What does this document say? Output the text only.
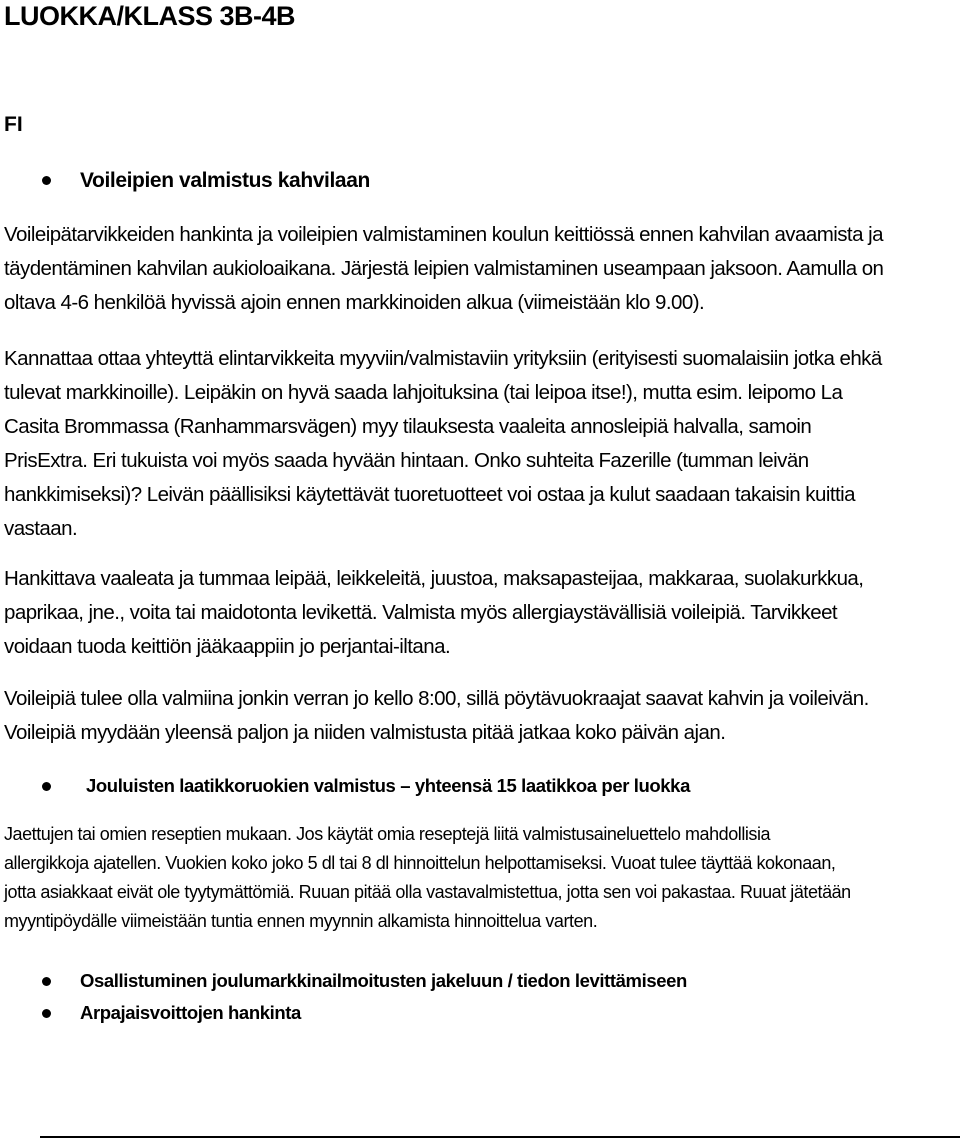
LUOKKA/KLASS 3B-4B
FI
Voileipien valmistus kahvilaan
Voileipätarvikkeiden hankinta ja voileipien valmistaminen koulun keittiössä ennen kahvilan avaamista ja
täydentäminen kahvilan aukioloaikana. Järjestä leipien valmistaminen useampaan jaksoon. Aamulla on
oltava 4-6 henkilöä hyvissä ajoin ennen markkinoiden alkua (viimeistään klo 9.00).
Kannattaa ottaa yhteyttä elintarvikkeita myyviin/valmistaviin yrityksiin (erityisesti suomalaisiin jotka ehkä
tulevat markkinoille). Leipäkin on hyvä saada lahjoituksina (tai leipoa itse!), mutta esim. leipomo La
Casita Brommassa (Ranhammarsvägen) myy tilauksesta vaaleita annosleipiä halvalla, samoin
PrisExtra. Eri tukuista voi myös saada hyvään hintaan. Onko suhteita Fazerille (tumman leivän
hankkimiseksi)? Leivän päällisiksi käytettävät tuoretuotteet voi ostaa ja kulut saadaan takaisin kuittia
vastaan.
Hankittava vaaleata ja tummaa leipää, leikkeleitä, juustoa, maksapasteijaa, makkaraa, suolakurkkua,
paprikaa, jne., voita tai maidotonta levikettä. Valmista myös allergiaystävällisiä voileipiä. Tarvikkeet
voidaan tuoda keittiön jääkaappiin jo perjantai-iltana.
Voileipiä tulee olla valmiina jonkin verran jo kello 8:00, sillä pöytävuokraajat saavat kahvin ja voileivän.
Voileipiä myydään yleensä paljon ja niiden valmistusta pitää jatkaa koko päivän ajan.
Jouluisten laatikkoruokien valmistus – yhteensä 15 laatikkoa per luokka
Jaettujen tai omien reseptien mukaan. Jos käytät omia reseptejä liitä valmistusaineluettelo mahdollisia
allergikkoja ajatellen. Vuokien koko joko 5 dl tai 8 dl hinnoittelun helpottamiseksi. Vuoat tulee täyttää kokonaan,
jotta asiakkaat eivät ole tyytymättömiä. Ruuan pitää olla vastavalmistettua, jotta sen voi pakastaa. Ruuat jätetään
myyntipöydälle viimeistään tuntia ennen myynnin alkamista hinnoittelua varten.
Osallistuminen joulumarkkinailmoitusten jakeluun / tiedon levittämiseen
Arpajaisvoittojen hankinta
